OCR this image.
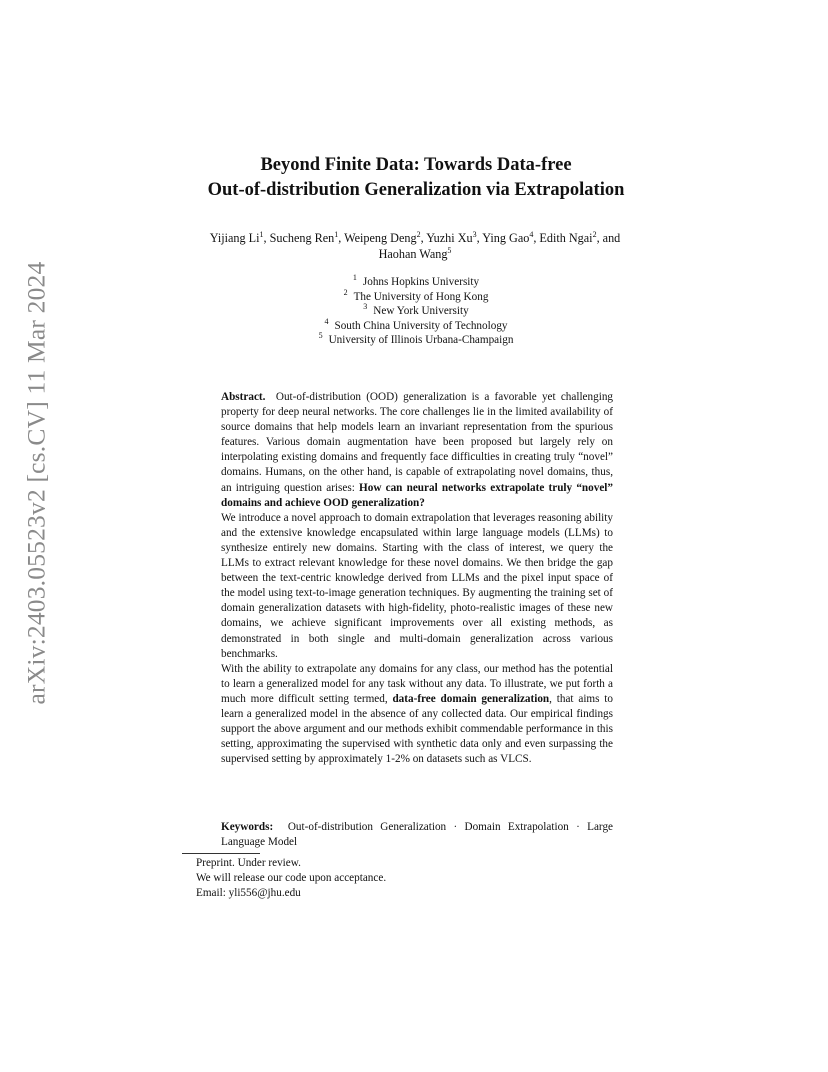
arXiv:2403.05523v2 [cs.CV] 11 Mar 2024
Beyond Finite Data: Towards Data-free
Out-of-distribution Generalization via Extrapolation
Yijiang Li$^1$, Sucheng Ren$^1$, Weipeng Deng$^2$, Yuzhi Xu$^3$, Ying Gao$^4$, Edith Ngai$^2$, and
Haohan Wang$^5$
$^1$ Johns Hopkins University
$^2$ The University of Hong Kong
$^3$ New York University
$^4$ South China University of Technology
$^5$ University of Illinois Urbana-Champaign

Abstract. Out-of-distribution (OOD) generalization is a favorable yet challenging property for deep neural networks. The core challenges lie in the limited availability of source domains that help models learn an invariant representation from the spurious features. Various domain augmentation have been proposed but largely rely on interpolating existing domains and frequently face difficulties in creating truly “novel” domains. Humans, on the other hand, is capable of extrapolating novel domains, thus, an intriguing question arises: How can neural networks extrapolate truly “novel” domains and achieve OOD generalization?

We introduce a novel approach to domain extrapolation that leverages reasoning ability and the extensive knowledge encapsulated within large language models (LLMs) to synthesize entirely new domains. Starting with the class of interest, we query the LLMs to extract relevant knowledge for these novel domains. We then bridge the gap between the text-centric knowledge derived from LLMs and the pixel input space of the model using text-to-image generation techniques. By augmenting the training set of domain generalization datasets with high-fidelity, photo-realistic images of these new domains, we achieve significant improvements over all existing methods, as demonstrated in both single and multi-domain generalization across various benchmarks.

With the ability to extrapolate any domains for any class, our method has the potential to learn a generalized model for any task without any data. To illustrate, we put forth a much more difficult setting termed, data-free domain generalization, that aims to learn a generalized model in the absence of any collected data. Our empirical findings support the above argument and our methods exhibit commendable performance in this setting, approximating the supervised with synthetic data only and even surpassing the supervised setting by approximately 1-2% on datasets such as VLCS.

Keywords: Out-of-distribution Generalization · Domain Extrapolation · Large Language Model
Preprint. Under review.
We will release our code upon acceptance.
Email: yli556@jhu.edu
